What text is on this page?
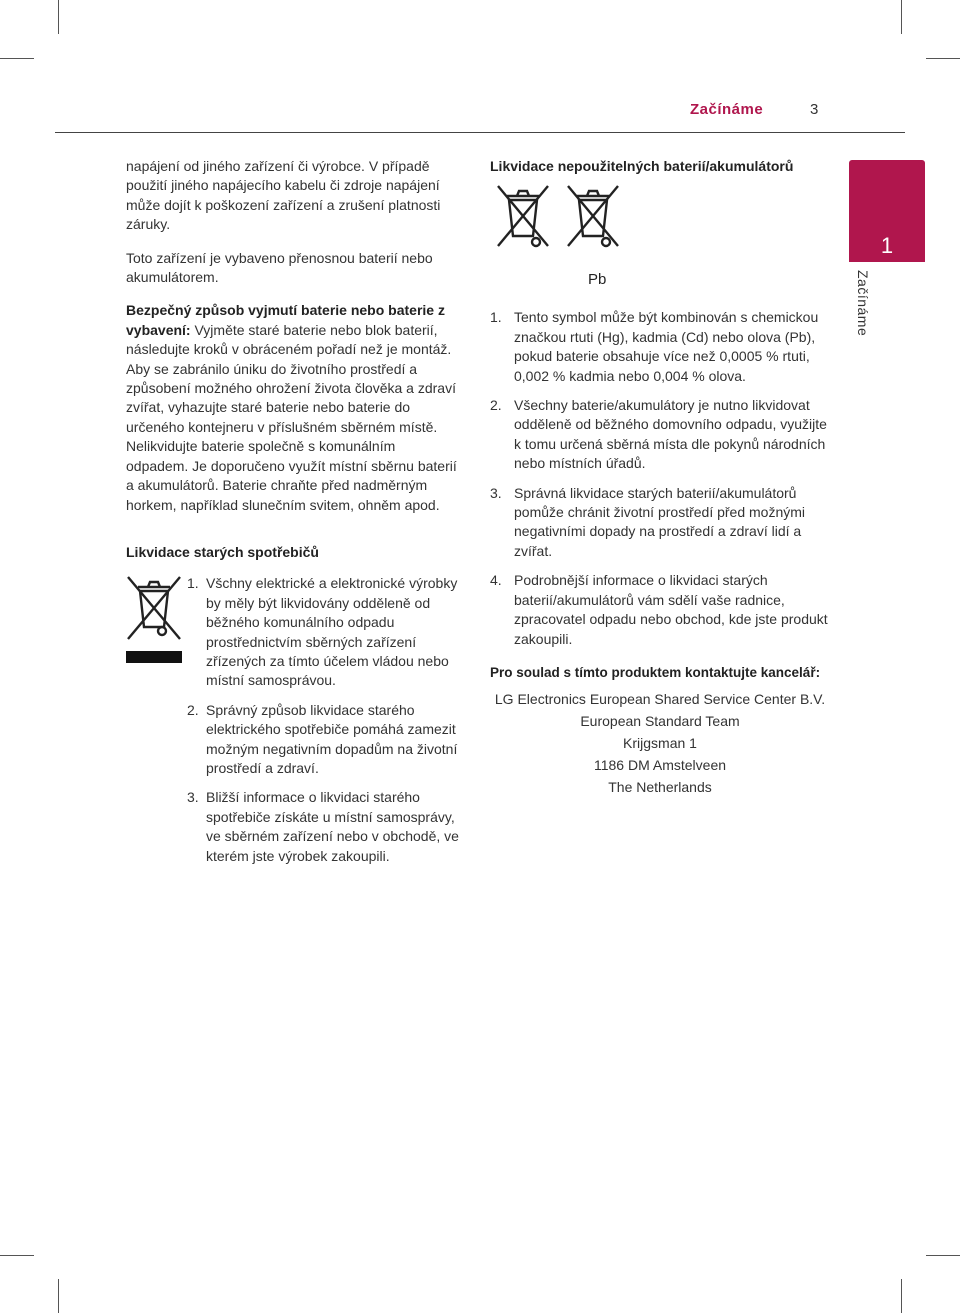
Začínáme	3
1
Začínáme

napájení od jiného zařízení či výrobce. V případě použití jiného napájecího kabelu či zdroje napájení může dojít k poškození zařízení a zrušení platnosti záruky.

Toto zařízení je vybaveno přenosnou baterií nebo akumulátorem.

Bezpečný způsob vyjmutí baterie nebo baterie z vybavení: Vyjměte staré baterie nebo blok baterií, následujte kroků v obráceném pořadí než je montáž. Aby se zabránilo úniku do životního prostředí a způsobení možného ohrožení života člověka a zdraví zvířat, vyhazujte staré baterie nebo baterie do určeného kontejneru v příslušném sběrném místě. Nelikvidujte baterie společně s komunálním odpadem. Je doporučeno využít místní sběrnu baterií a akumulátorů. Baterie chraňte před nadměrným horkem, například slunečním svitem, ohněm apod.

Likvidace starých spotřebičů

1. Všchny elektrické a elektronické výrobky by měly být likvidovány odděleně od běžného komunálního odpadu prostřednictvím sběrných zařízení zřízených za tímto účelem vládou nebo místní samosprávou.
2. Správný způsob likvidace starého elektrického spotřebiče pomáhá zamezit možným negativním dopadům na životní prostředí a zdraví.
3. Bližší informace o likvidaci starého spotřebiče získáte u místní samosprávy, ve sběrném zařízení nebo v obchodě, ve kterém jste výrobek zakoupili.

Likvidace nepoužitelných baterií/akumulátorů

Pb
1. Tento symbol může být kombinován s chemickou značkou rtuti (Hg), kadmia (Cd) nebo olova (Pb), pokud baterie obsahuje více než 0,0005 % rtuti, 0,002 % kadmia nebo 0,004 % olova.
2. Všechny baterie/akumulátory je nutno likvidovat odděleně od běžného domovního odpadu, využijte k tomu určená sběrná místa dle pokynů národních nebo místních úřadů.
3. Správná likvidace starých baterií/akumulátorů pomůže chránit životní prostředí před možnými negativními dopady na prostředí a zdraví lidí a zvířat.
4. Podrobnější informace o likvidaci starých baterií/akumulátorů vám sdělí vaše radnice, zpracovatel odpadu nebo obchod, kde jste produkt zakoupili.

Pro soulad s tímto produktem kontaktujte kancelář:

LG Electronics European Shared Service Center B.V.
European Standard Team
Krijgsman 1
1186 DM Amstelveen
The Netherlands
